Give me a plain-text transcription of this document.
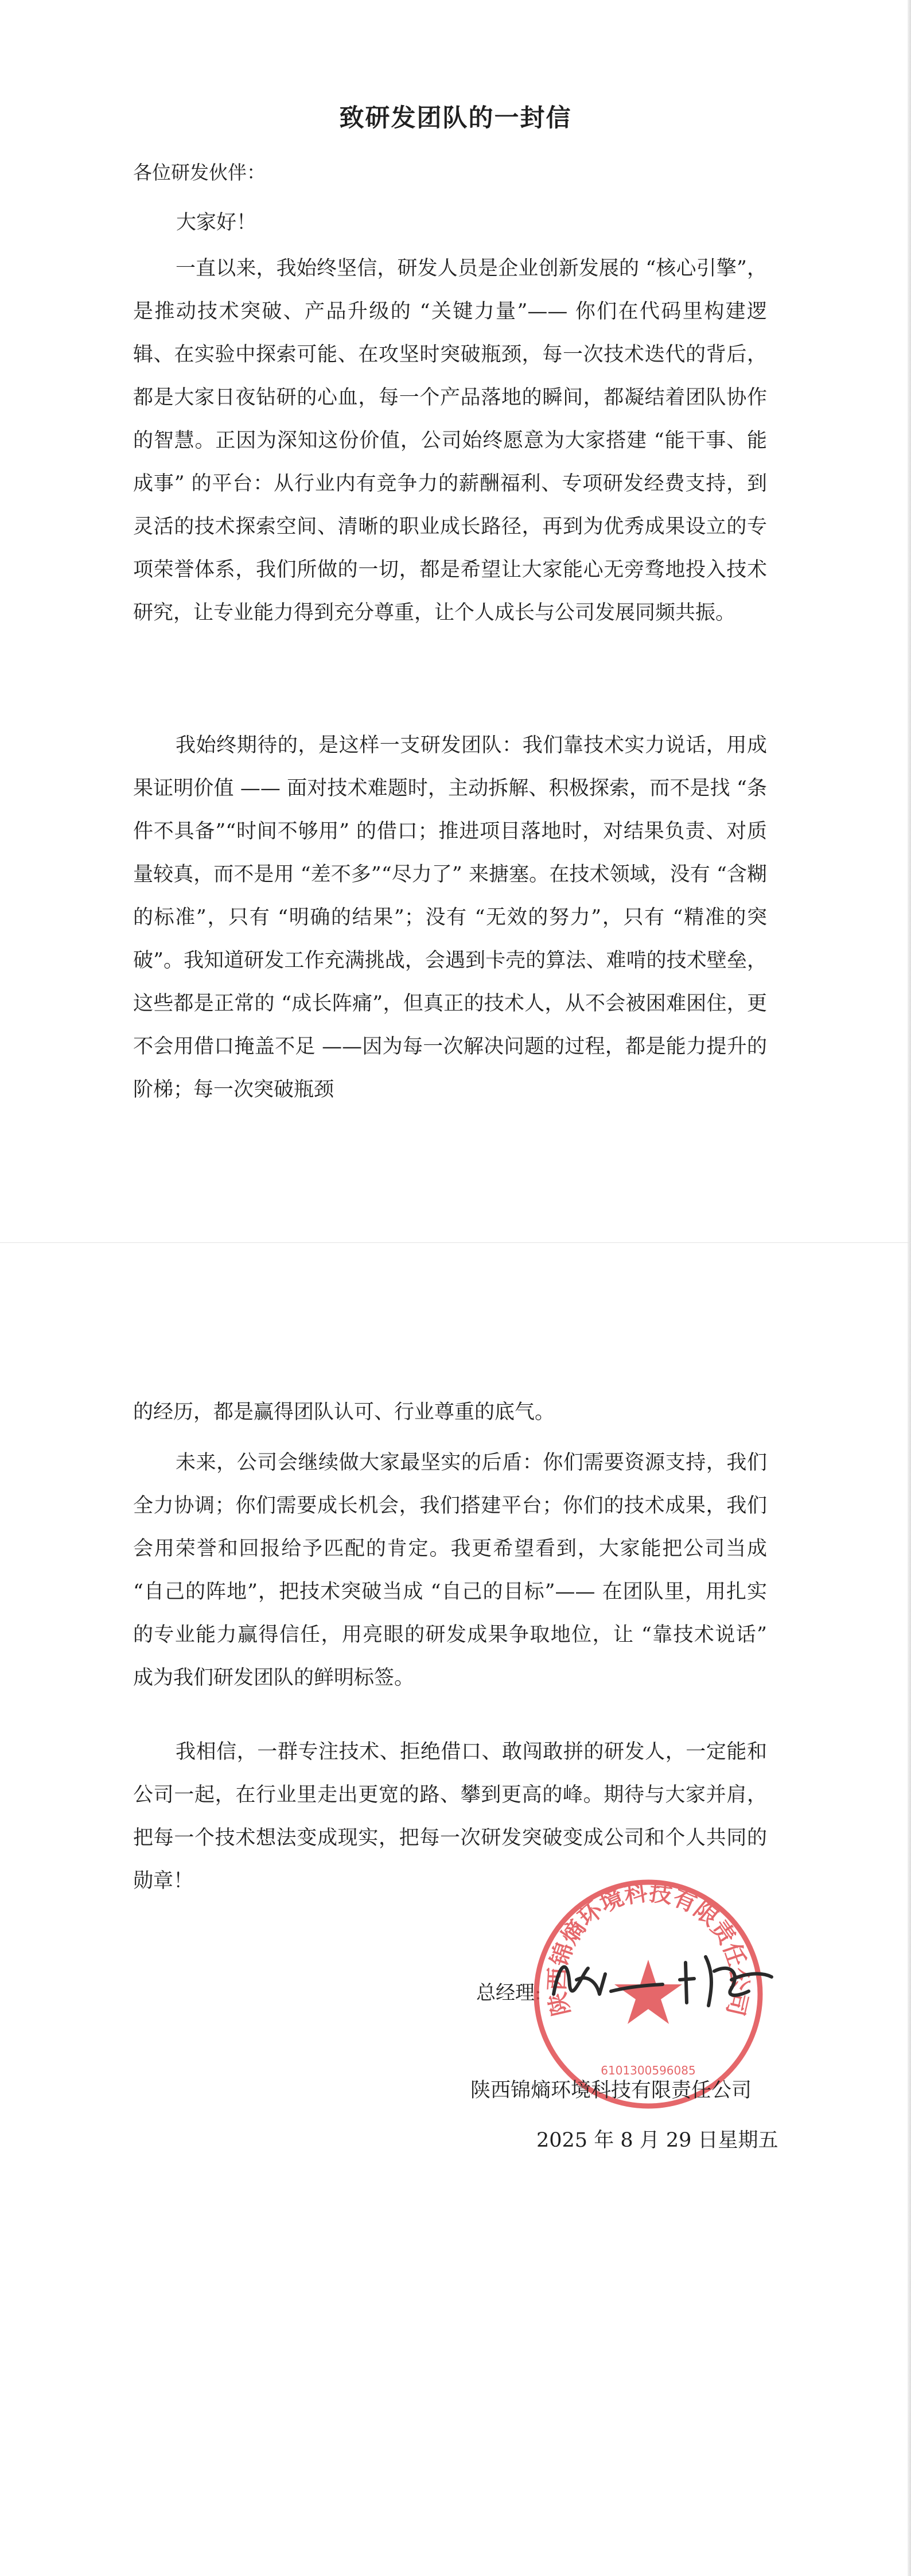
致研发团队的一封信
各位研发伙伴：
大家好！

一直以来，我始终坚信，研发人员是企业创新发展的 “核心引擎”，是推动技术突破、产品升级的 “关键力量”—— 你们在代码里构建逻辑、在实验中探索可能、在攻坚时突破瓶颈，每一次技术迭代的背后，都是大家日夜钻研的心血，每一个产品落地的瞬间，都凝结着团队协作的智慧。正因为深知这份价值，公司始终愿意为大家搭建 “能干事、能成事” 的平台：从行业内有竞争力的薪酬福利、专项研发经费支持，到灵活的技术探索空间、清晰的职业成长路径，再到为优秀成果设立的专项荣誉体系，我们所做的一切，都是希望让大家能心无旁骛地投入技术研究，让专业能力得到充分尊重，让个人成长与公司发展同频共振。

我始终期待的，是这样一支研发团队：我们靠技术实力说话，用成果证明价值 —— 面对技术难题时，主动拆解、积极探索，而不是找 “条件不具备”“时间不够用” 的借口；推进项目落地时，对结果负责、对质量较真，而不是用 “差不多”“尽力了” 来搪塞。在技术领域，没有 “含糊的标准”，只有 “明确的结果”；没有 “无效的努力”，只有 “精准的突破”。我知道研发工作充满挑战，会遇到卡壳的算法、难啃的技术壁垒，这些都是正常的 “成长阵痛”，但真正的技术人，从不会被困难困住，更不会用借口掩盖不足 ——因为每一次解决问题的过程，都是能力提升的阶梯；每一次突破瓶颈

的经历，都是赢得团队认可、行业尊重的底气。

未来，公司会继续做大家最坚实的后盾：你们需要资源支持，我们全力协调；你们需要成长机会，我们搭建平台；你们的技术成果，我们会用荣誉和回报给予匹配的肯定。我更希望看到，大家能把公司当成 “自己的阵地”，把技术突破当成 “自己的目标”—— 在团队里，用扎实的专业能力赢得信任，用亮眼的研发成果争取地位，让 “靠技术说话” 成为我们研发团队的鲜明标签。

我相信，一群专注技术、拒绝借口、敢闯敢拼的研发人，一定能和公司一起，在行业里走出更宽的路、攀到更高的峰。期待与大家并肩，把每一个技术想法变成现实，把每一次研发突破变成公司和个人共同的勋章！

总经理: 陕西锦熵环境科技有限责任公司
6101300596085
陕西锦熵环境科技有限责任公司
2025 年 8 月 29 日星期五
